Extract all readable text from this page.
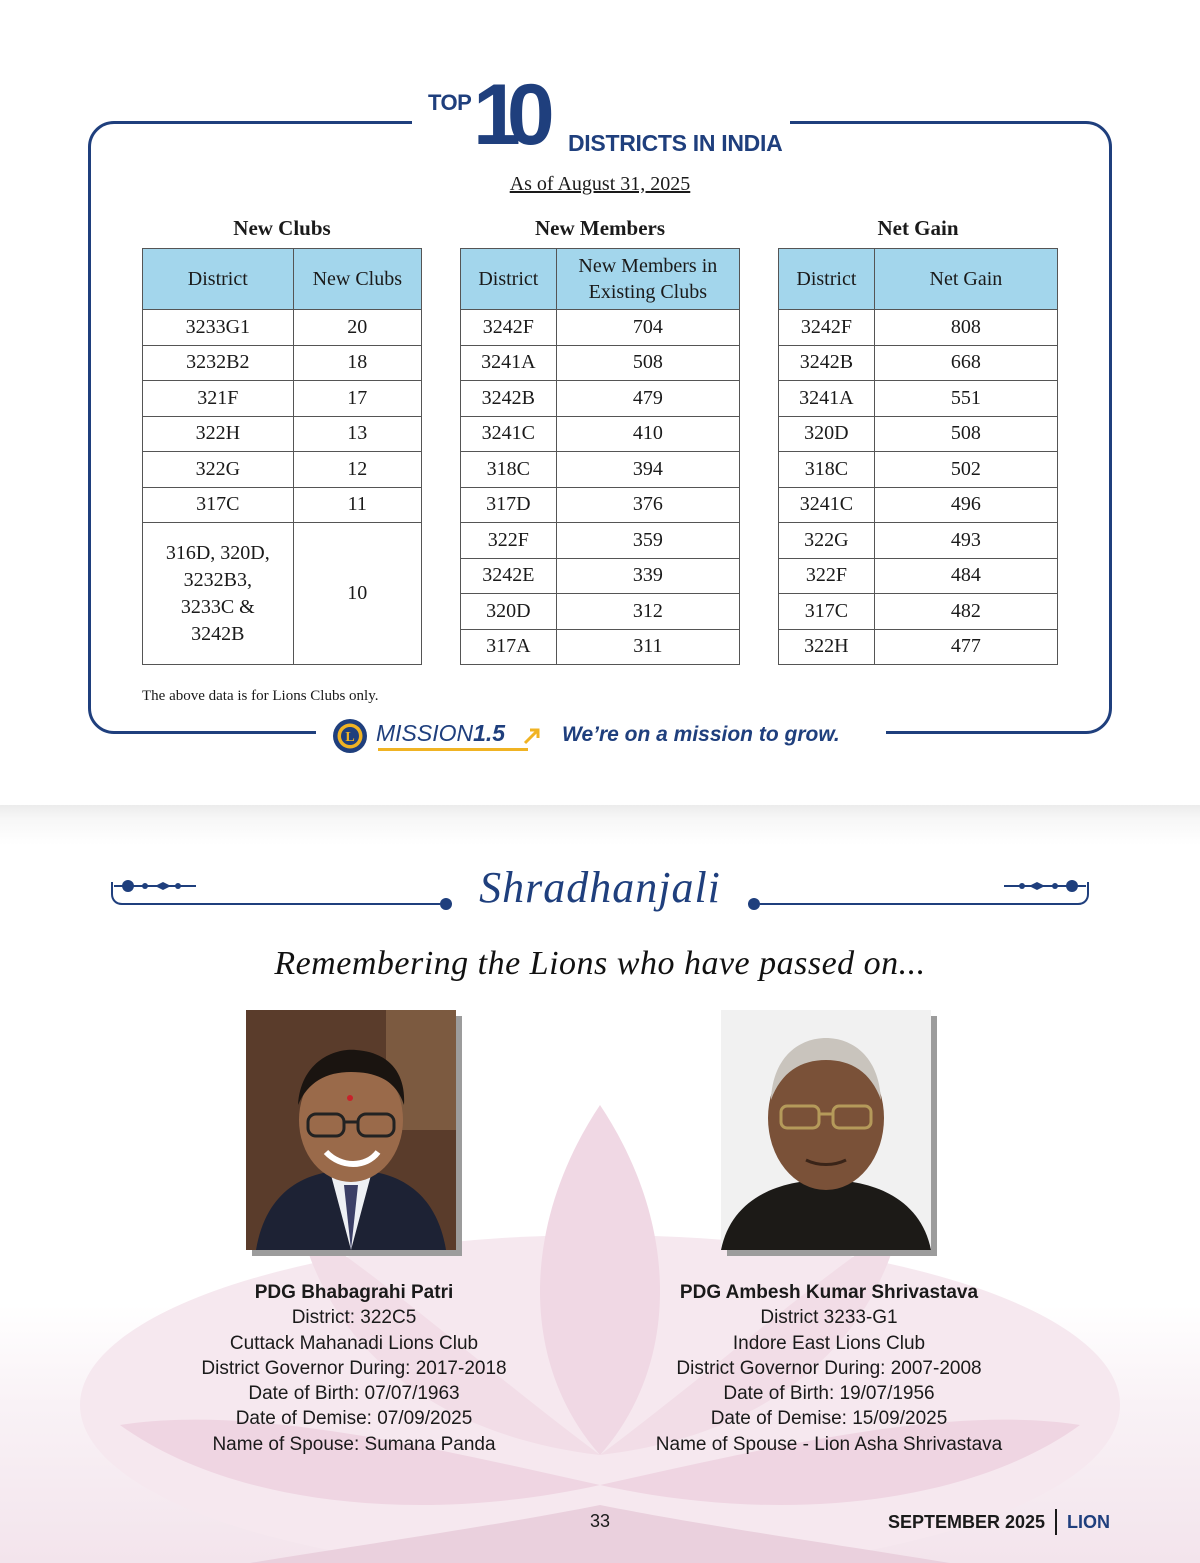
TOP 10 DISTRICTS IN INDIA
As of August 31, 2025
New Clubs
District	New Clubs
3233G1	20
3232B2	18
321F	17
322H	13
322G	12
317C	11
316D, 320D, 3232B3, 3233C & 3242B	10
New Members
District	New Members in Existing Clubs
3242F	704
3241A	508
3242B	479
3241C	410
318C	394
317D	376
322F	359
3242E	339
320D	312
317A	311
Net Gain
District	Net Gain
3242F	808
3242B	668
3241A	551
320D	508
318C	502
3241C	496
322G	493
322F	484
317C	482
322H	477
The above data is for Lions Clubs only.
L MISSION1.5	We’re on a mission to grow.
Shradhanjali
Remembering the Lions who have passed on...
PDG Bhabagrahi Patri
District: 322C5
Cuttack Mahanadi Lions Club
District Governor During: 2017-2018
Date of Birth: 07/07/1963
Date of Demise: 07/09/2025
Name of Spouse: Sumana Panda
PDG Ambesh Kumar Shrivastava
District 3233-G1
Indore East Lions Club
District Governor During: 2007-2008
Date of Birth: 19/07/1956
Date of Demise: 15/09/2025
Name of Spouse - Lion Asha Shrivastava
33	SEPTEMBER 2025 LION
